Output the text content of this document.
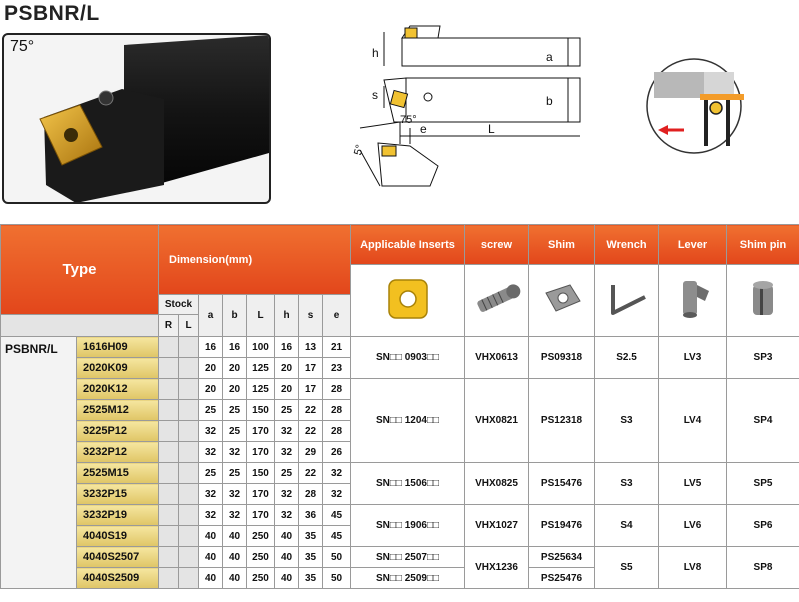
PSBNR/L
75°	h	a
s	b
e	L
75°
5°
Type		Dimension(mm)								Applicable Inserts	screw	Shim	Wrench	Lever	Shim pin

		Stock		a	b	L	h	s	e						
		R	L												
PSBNR/L	1616H09			16	16	100	16	13	21	SN□□ 0903□□	VHX0613	PS09318	S2.5	LV3	SP3
	2020K09			20	20	125	20	17	23						
	2020K12			20	20	125	20	17	28	SN□□ 1204□□	VHX0821	PS12318	S3	LV4	SP4
	2525M12			25	25	150	25	22	28						
	3225P12			32	25	170	32	22	28						
	3232P12			32	32	170	32	29	26						
	2525M15			25	25	150	25	22	32	SN□□ 1506□□	VHX0825	PS15476	S3	LV5	SP5
	3232P15			32	32	170	32	28	32						
	3232P19			32	32	170	32	36	45	SN□□ 1906□□	VHX1027	PS19476	S4	LV6	SP6
	4040S19			40	40	250	40	35	45						
	4040S2507			40	40	250	40	35	50	SN□□ 2507□□	VHX1236	PS25634	S5	LV8	SP8
	4040S2509			40	40	250	40	35	50	SN□□ 2509□□		PS25476			
